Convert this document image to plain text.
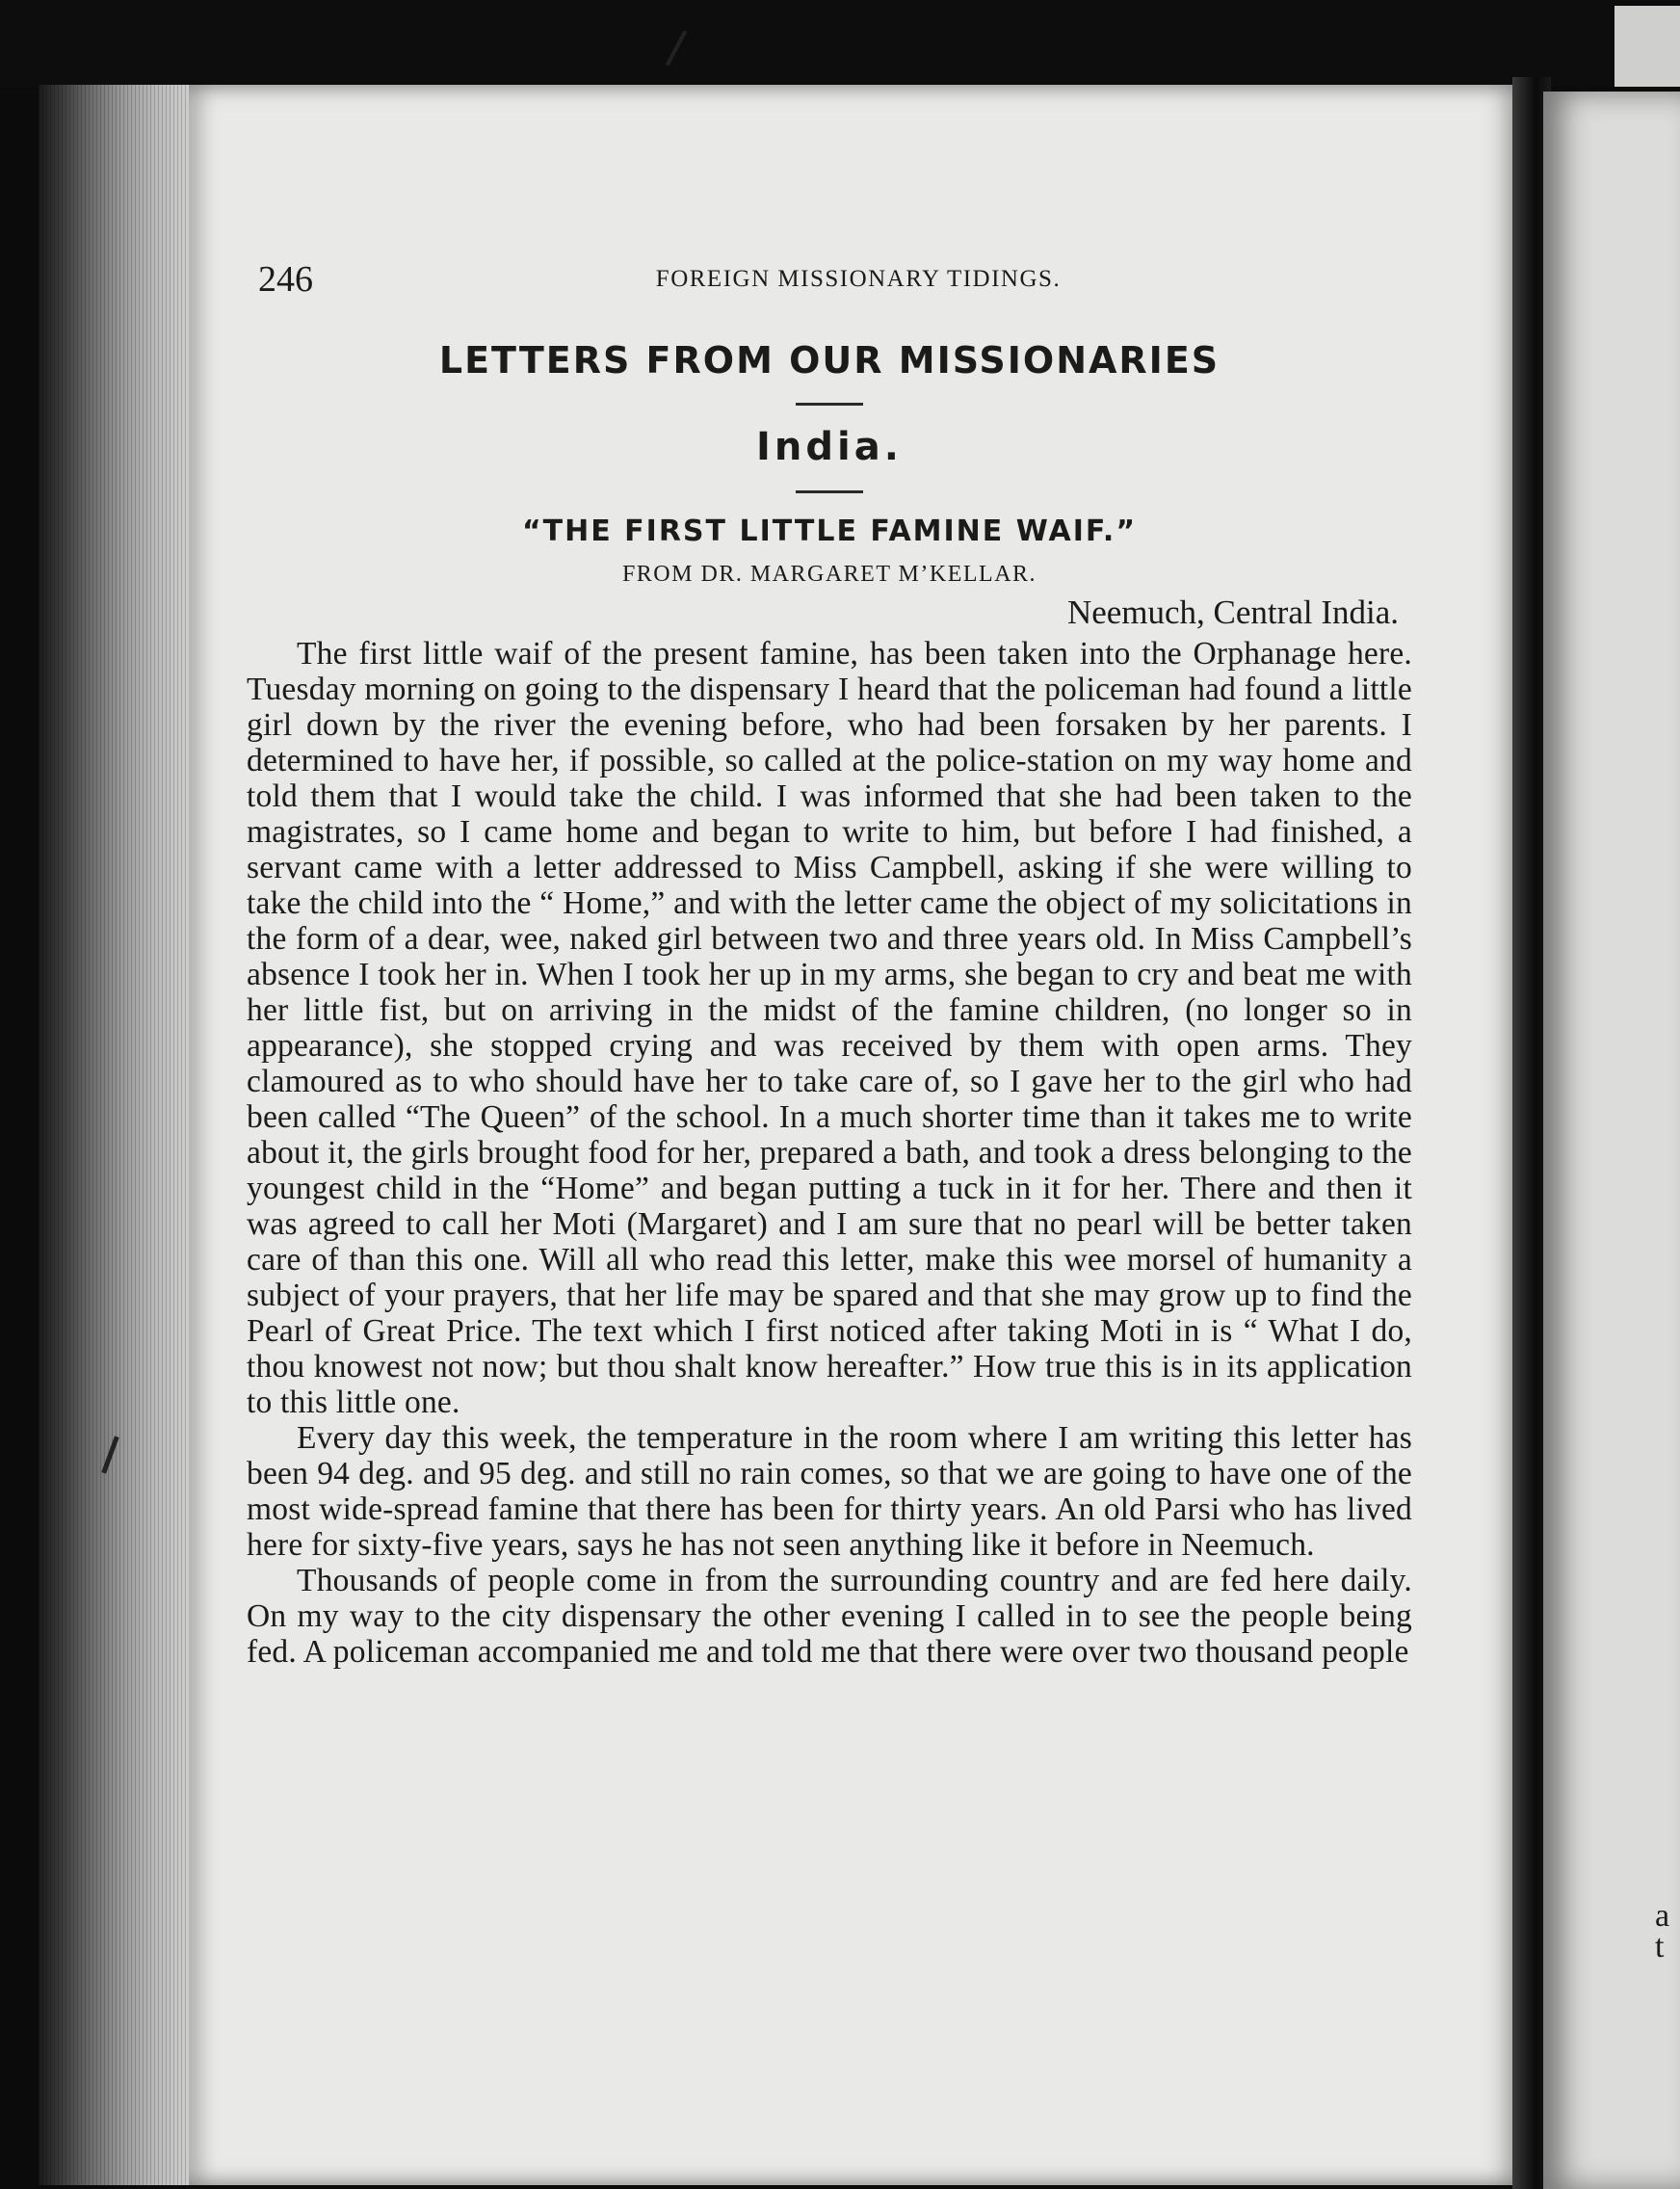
a
t
246	FOREIGN MISSIONARY TIDINGS.
LETTERS FROM OUR MISSIONARIES
India.
“THE FIRST LITTLE FAMINE WAIF.”
FROM DR. MARGARET M’KELLAR.
Neemuch, Central India.

The first little waif of the present famine, has been taken into the Orphanage here. Tuesday morning on going to the dispensary I heard that the policeman had found a little girl down by the river the evening before, who had been forsaken by her parents. I determined to have her, if possible, so called at the police-station on my way home and told them that I would take the child. I was informed that she had been taken to the magistrates, so I came home and began to write to him, but before I had finished, a servant came with a letter addressed to Miss Campbell, asking if she were willing to take the child into the “ Home,” and with the letter came the object of my solicitations in the form of a dear, wee, naked girl between two and three years old. In Miss Campbell’s absence I took her in. When I took her up in my arms, she began to cry and beat me with her little fist, but on arriving in the midst of the famine children, (no longer so in appearance), she stopped crying and was received by them with open arms. They clamoured as to who should have her to take care of, so I gave her to the girl who had been called “The Queen” of the school. In a much shorter time than it takes me to write about it, the girls brought food for her, prepared a bath, and took a dress belonging to the youngest child in the “Home” and began putting a tuck in it for her. There and then it was agreed to call her Moti (Margaret) and I am sure that no pearl will be better taken care of than this one. Will all who read this letter, make this wee morsel of humanity a subject of your prayers, that her life may be spared and that she may grow up to find the Pearl of Great Price. The text which I first noticed after taking Moti in is “ What I do, thou knowest not now; but thou shalt know hereafter.” How true this is in its application to this little one.

Every day this week, the temperature in the room where I am writing this letter has been 94 deg. and 95 deg. and still no rain comes, so that we are going to have one of the most wide-spread famine that there has been for thirty years. An old Parsi who has lived here for sixty-five years, says he has not seen anything like it before in Neemuch.

Thousands of people come in from the surrounding country and are fed here daily. On my way to the city dispensary the other evening I called in to see the people being fed. A policeman accompanied me and told me that there were over two thousand people
